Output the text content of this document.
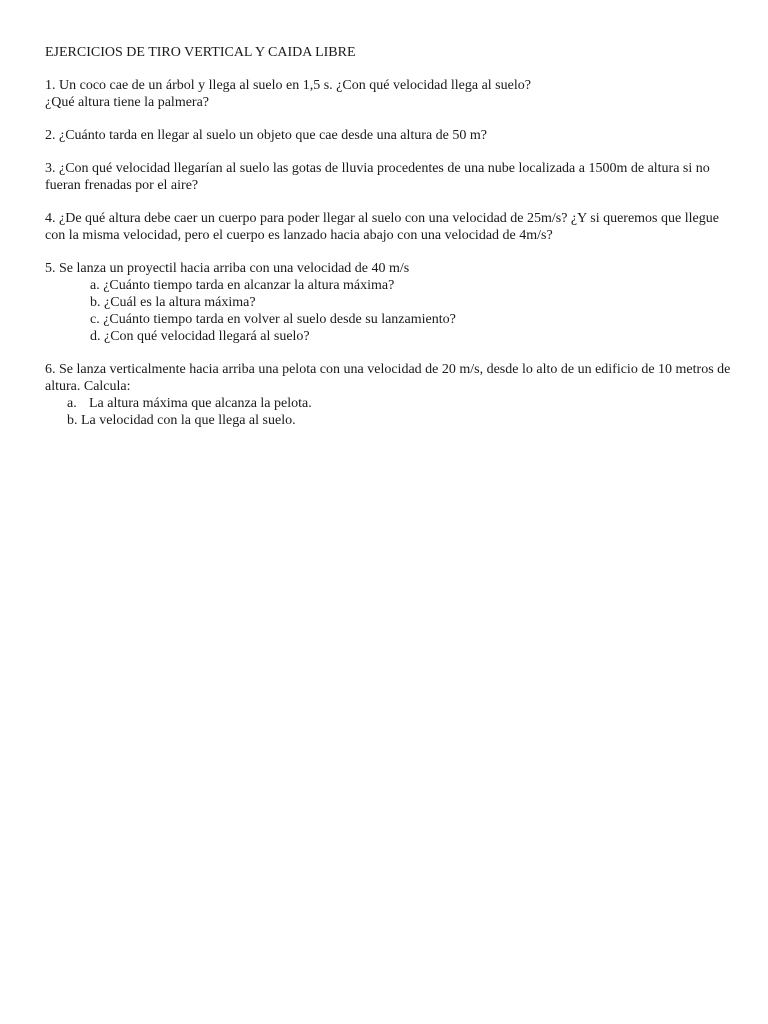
EJERCICIOS DE TIRO VERTICAL Y CAIDA LIBRE

1. Un coco cae de un árbol y llega al suelo en 1,5 s. ¿Con qué velocidad llega al suelo?

¿Qué altura tiene la palmera?

2. ¿Cuánto tarda en llegar al suelo un objeto que cae desde una altura de 50 m?

3. ¿Con qué velocidad llegarían al suelo las gotas de lluvia procedentes de una nube localizada a 1500m de altura si no

fueran frenadas por el aire?

4. ¿De qué altura debe caer un cuerpo para poder llegar al suelo con una velocidad de 25m/s? ¿Y si queremos que llegue

con la misma velocidad, pero el cuerpo es lanzado hacia abajo con una velocidad de 4m/s?

5. Se lanza un proyectil hacia arriba con una velocidad de 40 m/s

a. ¿Cuánto tiempo tarda en alcanzar la altura máxima?
b. ¿Cuál es la altura máxima?
c. ¿Cuánto tiempo tarda en volver al suelo desde su lanzamiento?
d. ¿Con qué velocidad llegará al suelo?

6. Se lanza verticalmente hacia arriba una pelota con una velocidad de 20 m/s, desde lo alto de un edificio de 10 metros de

altura. Calcula:

a. La altura máxima que alcanza la pelota.
b. La velocidad con la que llega al suelo.
